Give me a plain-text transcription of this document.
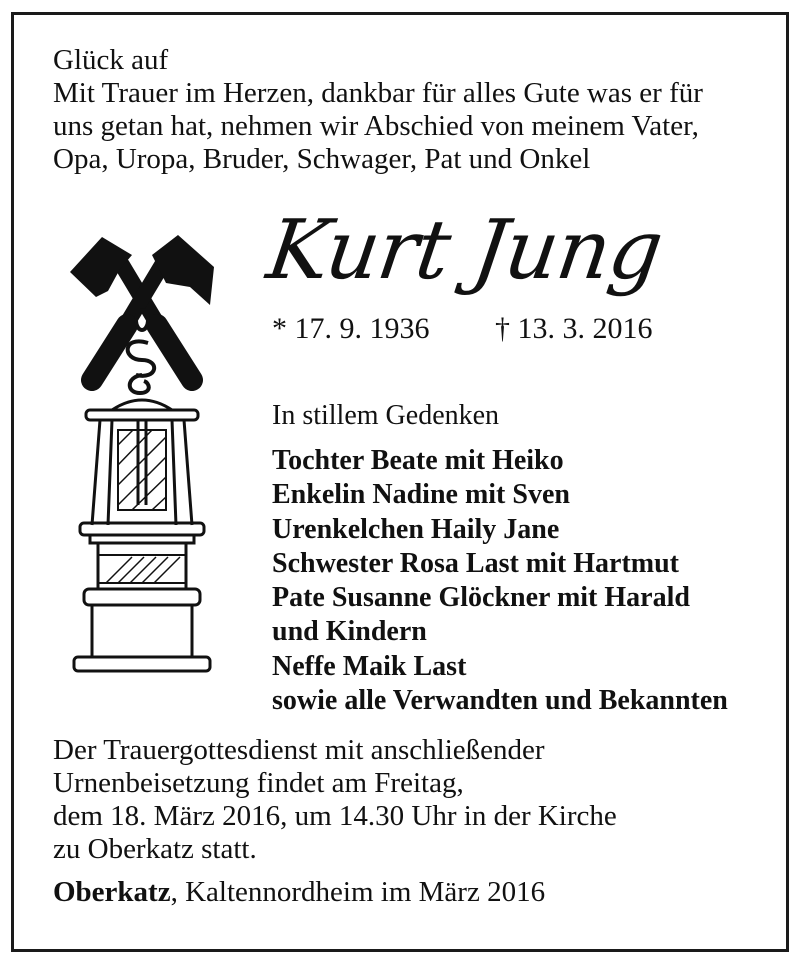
Glück auf
Mit Trauer im Herzen, dankbar für alles Gute was er für
uns getan hat, nehmen wir Abschied von meinem Vater,
Opa, Uropa, Bruder, Schwager, Pat und Onkel
Kurt Jung
* 17. 9. 1936 † 13. 3. 2016
In stillem Gedenken
Tochter Beate mit Heiko
Enkelin Nadine mit Sven
Urenkelchen Haily Jane
Schwester Rosa Last mit Hartmut
Pate Susanne Glöckner mit Harald
und Kindern
Neffe Maik Last
sowie alle Verwandten und Bekannten
Der Trauergottesdienst mit anschließender
Urnenbeisetzung findet am Freitag,
dem 18. März 2016, um 14.30 Uhr in der Kirche
zu Oberkatz statt.
Oberkatz, Kaltennordheim im März 2016
